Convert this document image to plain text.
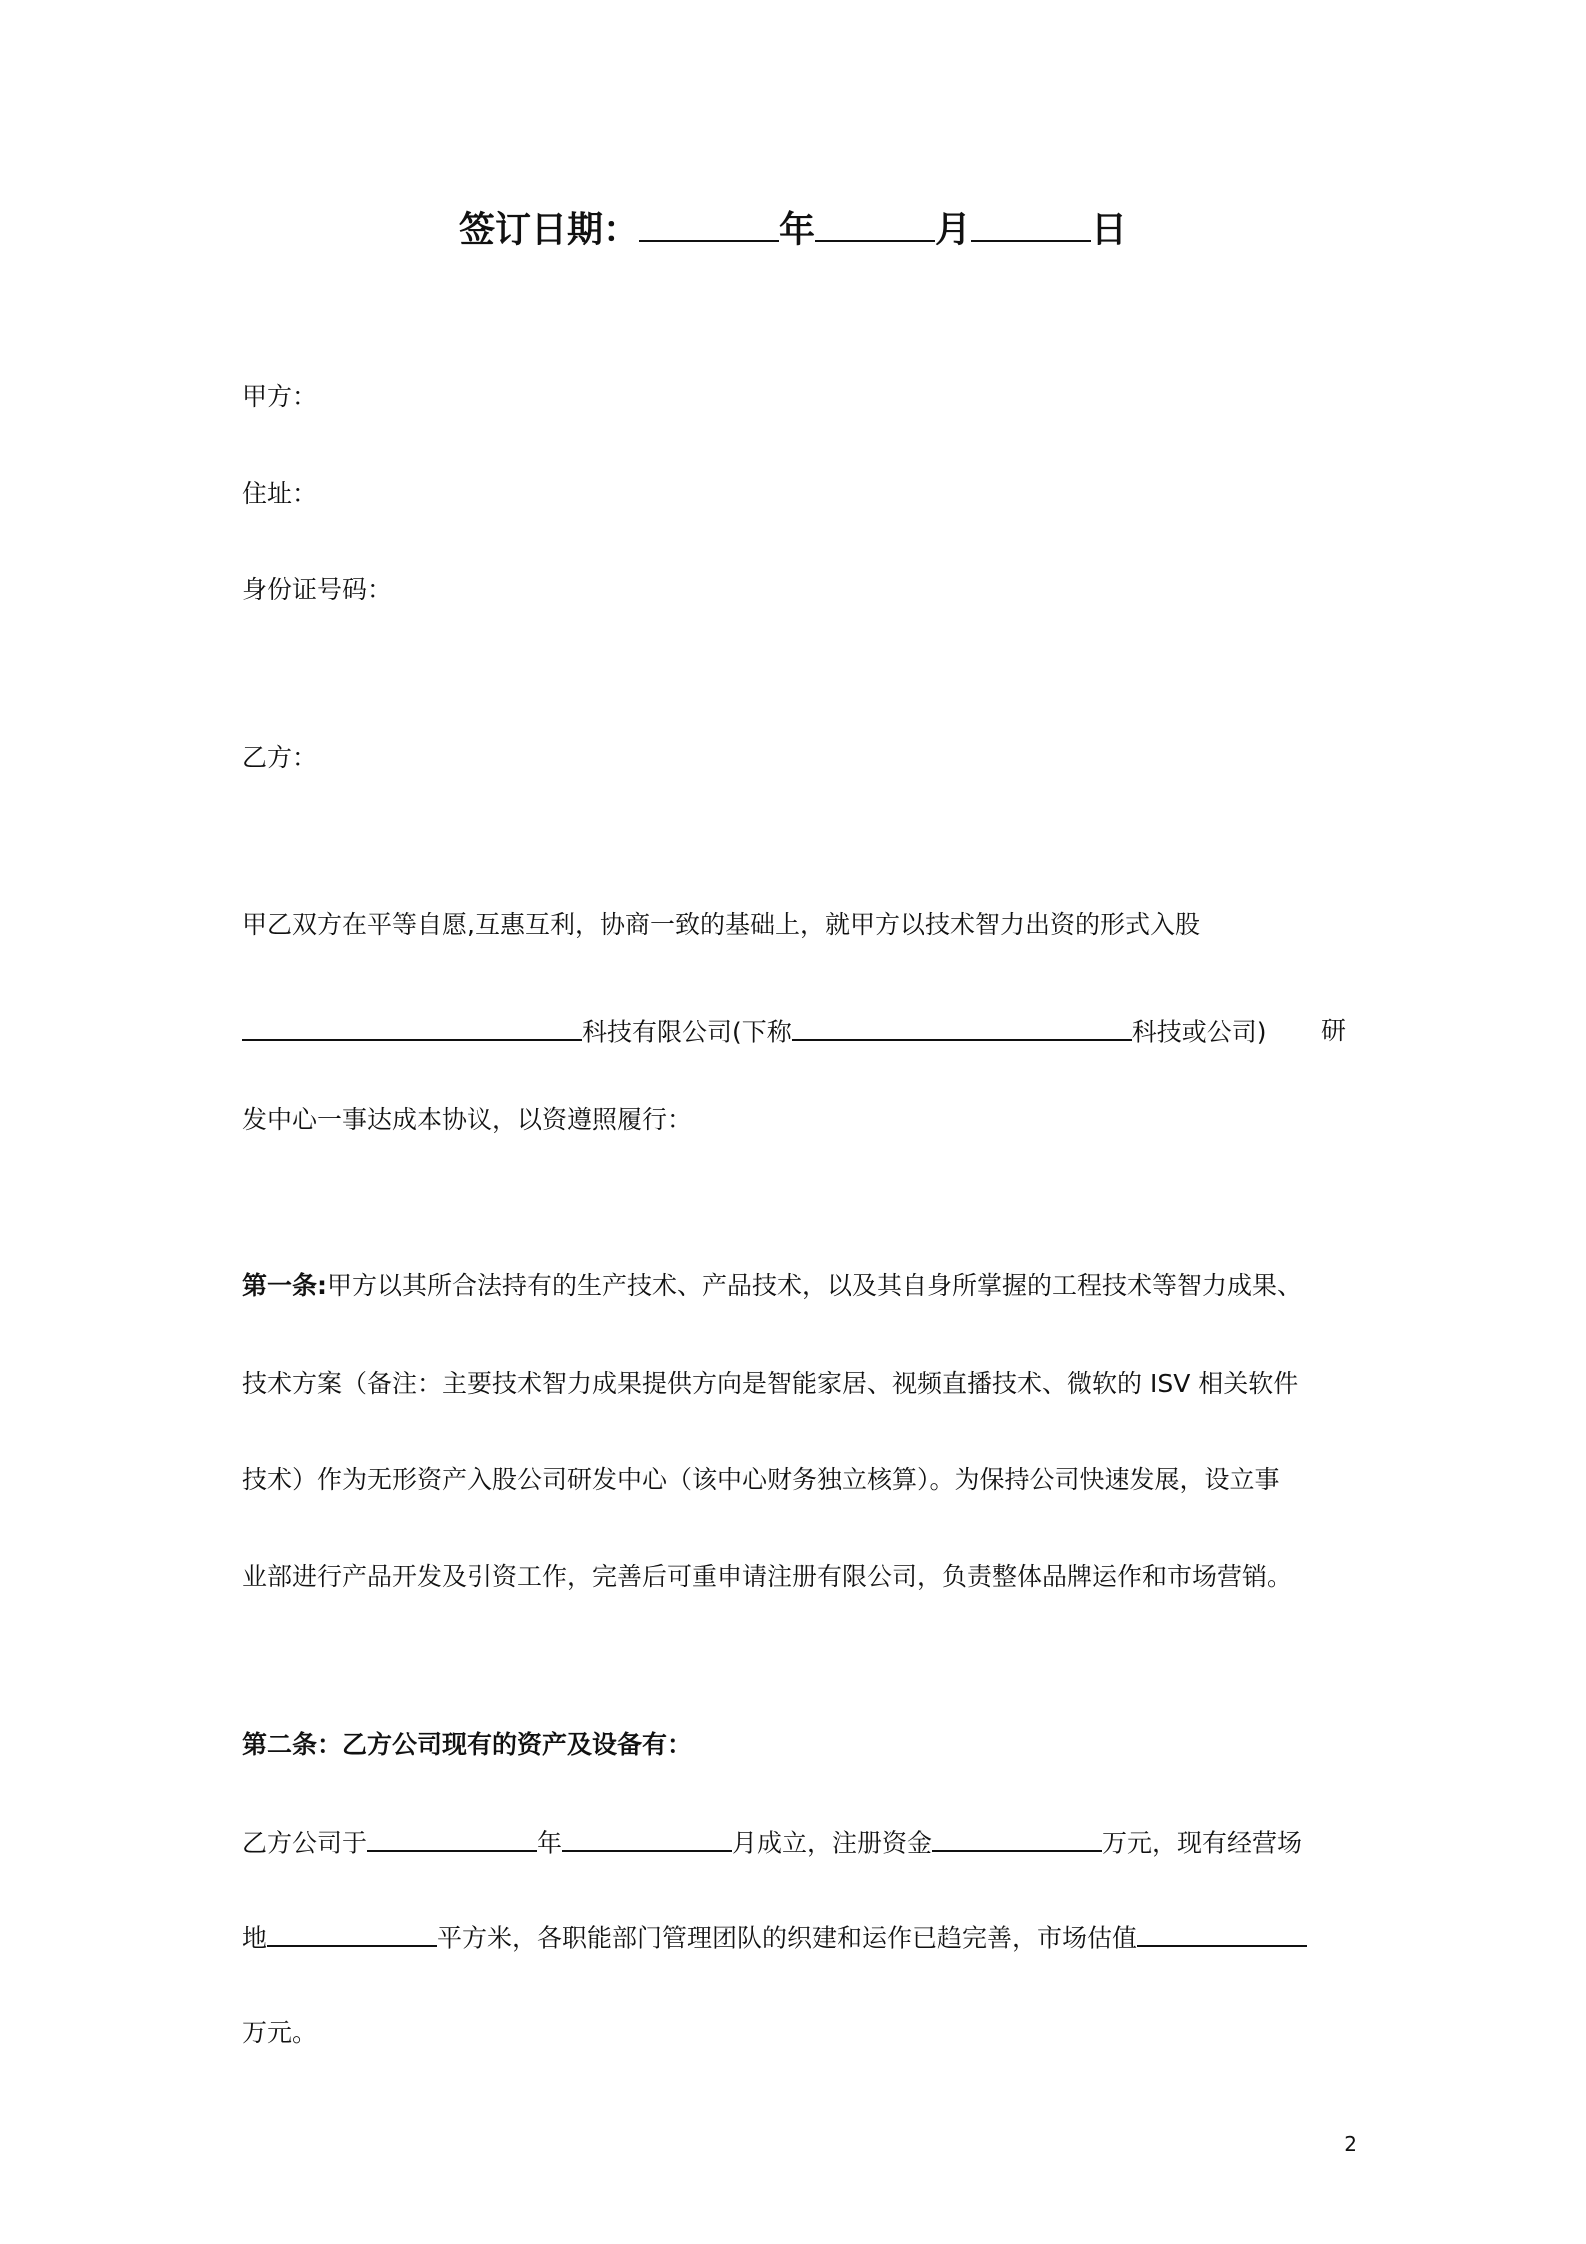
签订日期：	年	月	日
甲方：
住址：
身份证号码：
乙方：
甲乙双方在平等自愿,互惠互利，协商一致的基础上，就甲方以技术智力出资的形式入股
科技有限公司(下称	科技或公司) 研
发中心一事达成本协议，以资遵照履行：
第一条:甲方以其所合法持有的生产技术、产品技术，以及其自身所掌握的工程技术等智力成果、
技术方案（备注：主要技术智力成果提供方向是智能家居、视频直播技术、微软的 ISV 相关软件
技术）作为无形资产入股公司研发中心（该中心财务独立核算）。为保持公司快速发展，设立事
业部进行产品开发及引资工作，完善后可重申请注册有限公司，负责整体品牌运作和市场营销。
第二条：乙方公司现有的资产及设备有：
乙方公司于	年	月成立，注册资金	万元，现有经营场
地	平方米，各职能部门管理团队的织建和运作已趋完善，市场估值
万元。
2
